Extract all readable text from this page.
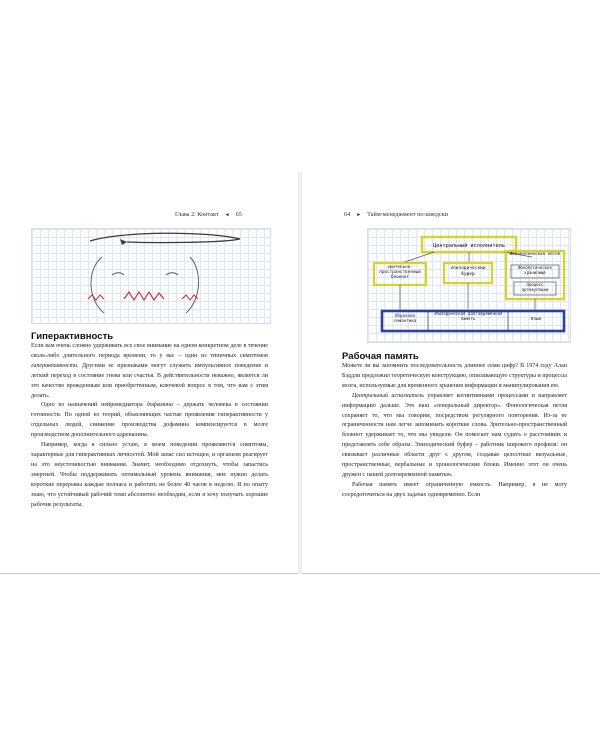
Глава 2. Контакт ◄ 65
Гиперактивность

Если вам очень сложно удерживать все свое внимание на одном конкретном деле в течение сколь-либо длительного периода времени, то у вас – один из типичных симптомов гиперактивности. Другими ее признаками могут служить импульсивное поведение и легкий переход в состояние гнева или счастья. В действительности неважно, является ли это качество врожденным или приобретенным, ключевой вопрос в том, что вам с этим делать.

Одно из назначений нейромедиатора дофамина – держать человека в состоянии готовности. По одной из теорий, объясняющих частые проявления гиперактивности у отдельных людей, снижение производства дофамина компенсируется в мозге производством дополнительного адреналина.

Например, когда я сильно устаю, в моем поведении проявляются симптомы, характерные для гиперактивных личностей. Мой запас сил истощен, и организм реагирует на это неусточивостью внимания. Значит, необходимо отдохнуть, чтобы запастись энергией. Чтобы поддерживать оптимальный уровень внимания, мне нужно делать короткие перерывы каждые полчаса и работать не более 40 часов в неделю. Я по опыту знаю, что устойчивый рабочий темп абсолютно необходим, если я хочу получать хорошие рабочие результаты.

64 ► Тайм-менеджмент по-шведски
Центральный исполнитель
Зрительно-пространственный блокнот
Эпизодический буфер
Фонологическая петля
Фонологическое хранилище
Процесс артикуляции
Образная семантика
Эпизодическая долговременная память	Язык
Рабочая память

Можете ли вы запомнить последовательность длиннее семи цифр? В 1974 году Алан Бэддли предложил теоретическую конструкцию, описывающую структуры и процессы мозга, используемые для временного хранения информации и манипулирования ею.

Центральный исполнитель управляет когнитивными процессами и направляет информацию дальше. Это наш «генеральный директор». Фонологическая петля сохраняет то, что мы говорим, посредством регулярного повторения. Из-за ее ограниченности нам легче запоминать короткие слова. Зрительно-пространственный блокнот удерживает то, что мы увидели. Он помогает нам судить о расстояниях и представлять себе образы. Эпизодический буфер – работник широкого профиля: он связывает различные области друг с другом, создавая целостные визуальные, пространственные, вербальные и хронологические блоки. Именно этот он очень дружен с нашей долговременной памятью.

Рабочая память имеет ограниченную емкость. Например, я не могу сосредоточиться на двух задачах одновременно. Если
